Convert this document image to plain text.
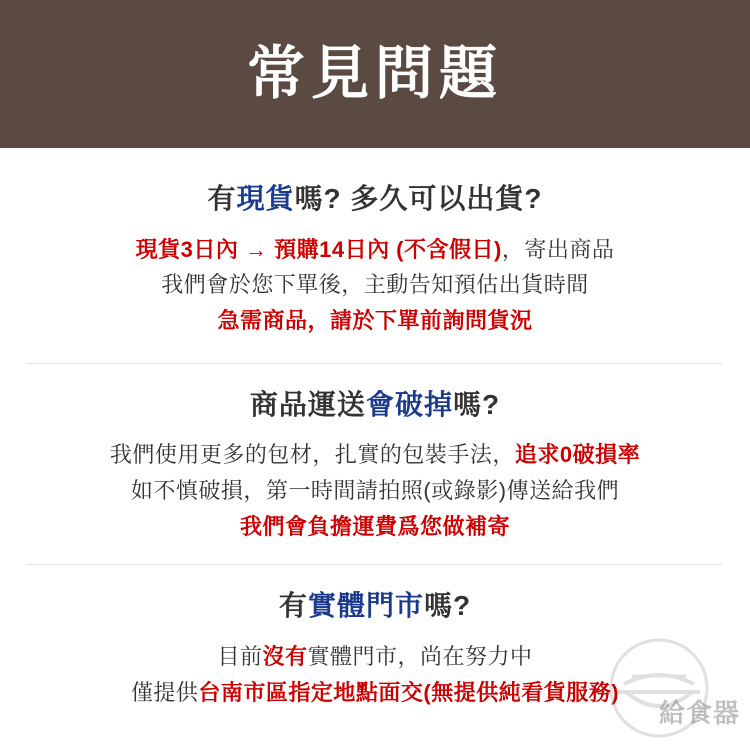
常見問題
有現貨嗎? 多久可以出貨?
現貨3日內 → 預購14日內 (不含假日)，寄出商品
我們會於您下單後，主動告知預估出貨時間
急需商品，請於下單前詢問貨況
商品運送會破掉嗎?
我們使用更多的包材，扎實的包裝手法，追求0破損率
如不慎破損，第一時間請拍照(或錄影)傳送給我們
我們會負擔運費爲您做補寄
有實體門市嗎?
目前沒有實體門市，尚在努力中
僅提供台南市區指定地點面交(無提供純看貨服務)
給食器
